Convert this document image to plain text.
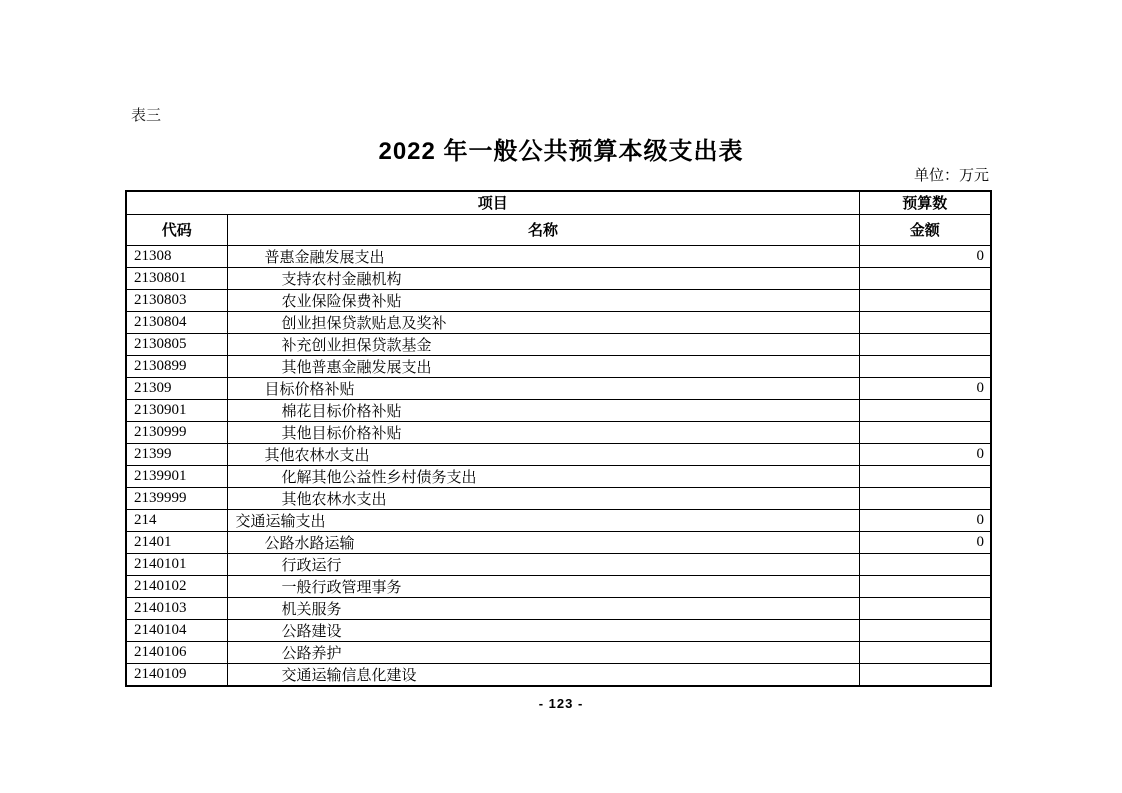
表三
2022 年一般公共预算本级支出表
单位：万元
项目		预算数
代码	名称	金额
21308	普惠金融发展支出	0
2130801	支持农村金融机构	
2130803	农业保险保费补贴	
2130804	创业担保贷款贴息及奖补	
2130805	补充创业担保贷款基金	
2130899	其他普惠金融发展支出	
21309	目标价格补贴	0
2130901	棉花目标价格补贴	
2130999	其他目标价格补贴	
21399	其他农林水支出	0
2139901	化解其他公益性乡村债务支出	
2139999	其他农林水支出	
214	交通运输支出	0
21401	公路水路运输	0
2140101	行政运行	
2140102	一般行政管理事务	
2140103	机关服务	
2140104	公路建设	
2140106	公路养护	
2140109	交通运输信息化建设	
- 123 -
